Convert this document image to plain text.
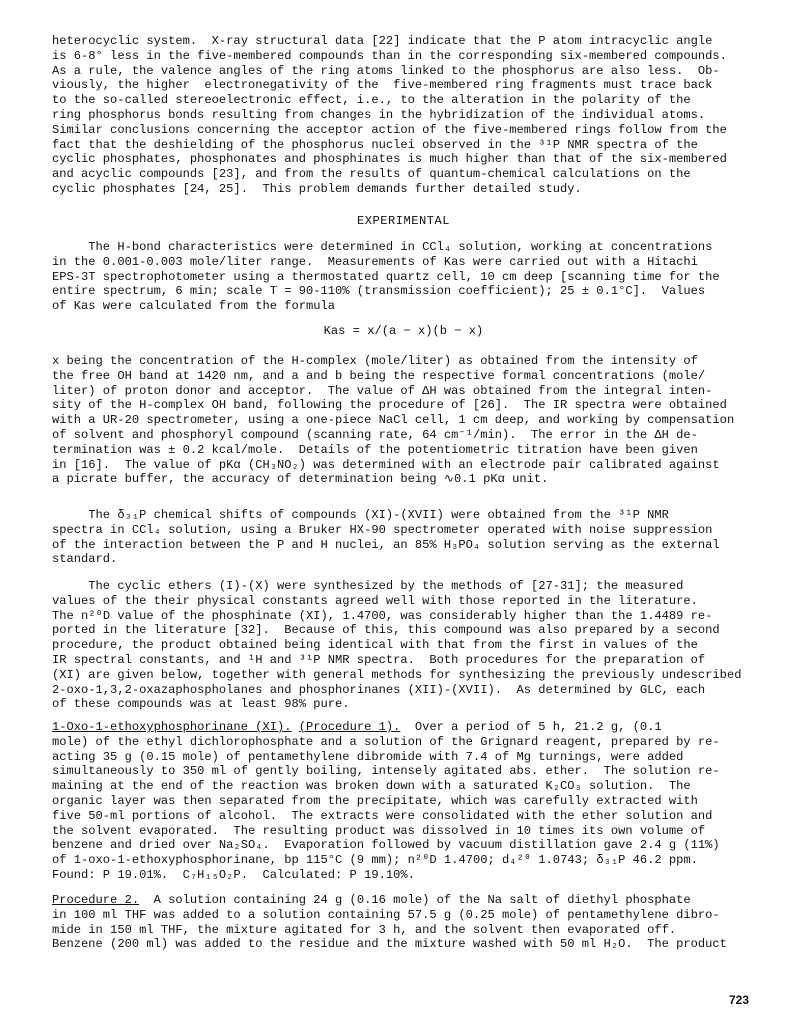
heterocyclic system.  X-ray structural data [22] indicate that the P atom intracyclic angle
is 6-8° less in the five-membered compounds than in the corresponding six-membered compounds.
As a rule, the valence angles of the ring atoms linked to the phosphorus are also less.  Ob-
viously, the higher  electronegativity of the  five-membered ring fragments must trace back
to the so-called stereoelectronic effect, i.e., to the alteration in the polarity of the
ring phosphorus bonds resulting from changes in the hybridization of the individual atoms.
Similar conclusions concerning the acceptor action of the five-membered rings follow from the
fact that the deshielding of the phosphorus nuclei observed in the ³¹P NMR spectra of the
cyclic phosphates, phosphonates and phosphinates is much higher than that of the six-membered
and acyclic compounds [23], and from the results of quantum-chemical calculations on the
cyclic phosphates [24, 25].  This problem demands further detailed study.

EXPERIMENTAL

The H-bond characteristics were determined in CCl₄ solution, working at concentrations
in the 0.001-0.003 mole/liter range.  Measurements of Kas were carried out with a Hitachi
EPS-3T spectrophotometer using a thermostated quartz cell, 10 cm deep [scanning time for the
entire spectrum, 6 min; scale T = 90-110% (transmission coefficient); 25 ± 0.1°C].  Values
of Kas were calculated from the formula

Kas = x/(a − x)(b − x)

x being the concentration of the H-complex (mole/liter) as obtained from the intensity of
the free OH band at 1420 nm, and a and b being the respective formal concentrations (mole/
liter) of proton donor and acceptor.  The value of ΔH was obtained from the integral inten-
sity of the H-complex OH band, following the procedure of [26].  The IR spectra were obtained
with a UR-20 spectrometer, using a one-piece NaCl cell, 1 cm deep, and working by compensation
of solvent and phosphoryl compound (scanning rate, 64 cm⁻¹/min).  The error in the ΔH de-
termination was ± 0.2 kcal/mole.  Details of the potentiometric titration have been given
in [16].  The value of pKα (CH₃NO₂) was determined with an electrode pair calibrated against
a picrate buffer, the accuracy of determination being ∿0.1 pKα unit.

The δ₃₁P chemical shifts of compounds (XI)-(XVII) were obtained from the ³¹P NMR
spectra in CCl₄ solution, using a Bruker HX-90 spectrometer operated with noise suppression
of the interaction between the P and H nuclei, an 85% H₃PO₄ solution serving as the external
standard.

The cyclic ethers (I)-(X) were synthesized by the methods of [27-31]; the measured
values of the their physical constants agreed well with those reported in the literature.
The n²⁰D value of the phosphinate (XI), 1.4700, was considerably higher than the 1.4489 re-
ported in the literature [32].  Because of this, this compound was also prepared by a second
procedure, the product obtained being identical with that from the first in values of the
IR spectral constants, and ¹H and ³¹P NMR spectra.  Both procedures for the preparation of
(XI) are given below, together with general methods for synthesizing the previously undescribed
2-oxo-1,3,2-oxazaphospholanes and phosphorinanes (XII)-(XVII).  As determined by GLC, each
of these compounds was at least 98% pure.

1-Oxo-1-ethoxyphosphorinane (XI). (Procedure 1).  Over a period of 5 h, 21.2 g, (0.1
mole) of the ethyl dichlorophosphate and a solution of the Grignard reagent, prepared by re-
acting 35 g (0.15 mole) of pentamethylene dibromide with 7.4 of Mg turnings, were added
simultaneously to 350 ml of gently boiling, intensely agitated abs. ether.  The solution re-
maining at the end of the reaction was broken down with a saturated K₂CO₃ solution.  The
organic layer was then separated from the precipitate, which was carefully extracted with
five 50-ml portions of alcohol.  The extracts were consolidated with the ether solution and
the solvent evaporated.  The resulting product was dissolved in 10 times its own volume of
benzene and dried over Na₂SO₄.  Evaporation followed by vacuum distillation gave 2.4 g (11%)
of 1-oxo-1-ethoxyphosphorinane, bp 115°C (9 mm); n²⁰D 1.4700; d₄²⁰ 1.0743; δ₃₁P 46.2 ppm.
Found: P 19.01%.  C₇H₁₅O₂P.  Calculated: P 19.10%.

Procedure 2.  A solution containing 24 g (0.16 mole) of the Na salt of diethyl phosphate
in 100 ml THF was added to a solution containing 57.5 g (0.25 mole) of pentamethylene dibro-
mide in 150 ml THF, the mixture agitated for 3 h, and the solvent then evaporated off.
Benzene (200 ml) was added to the residue and the mixture washed with 50 ml H₂O.  The product

723
